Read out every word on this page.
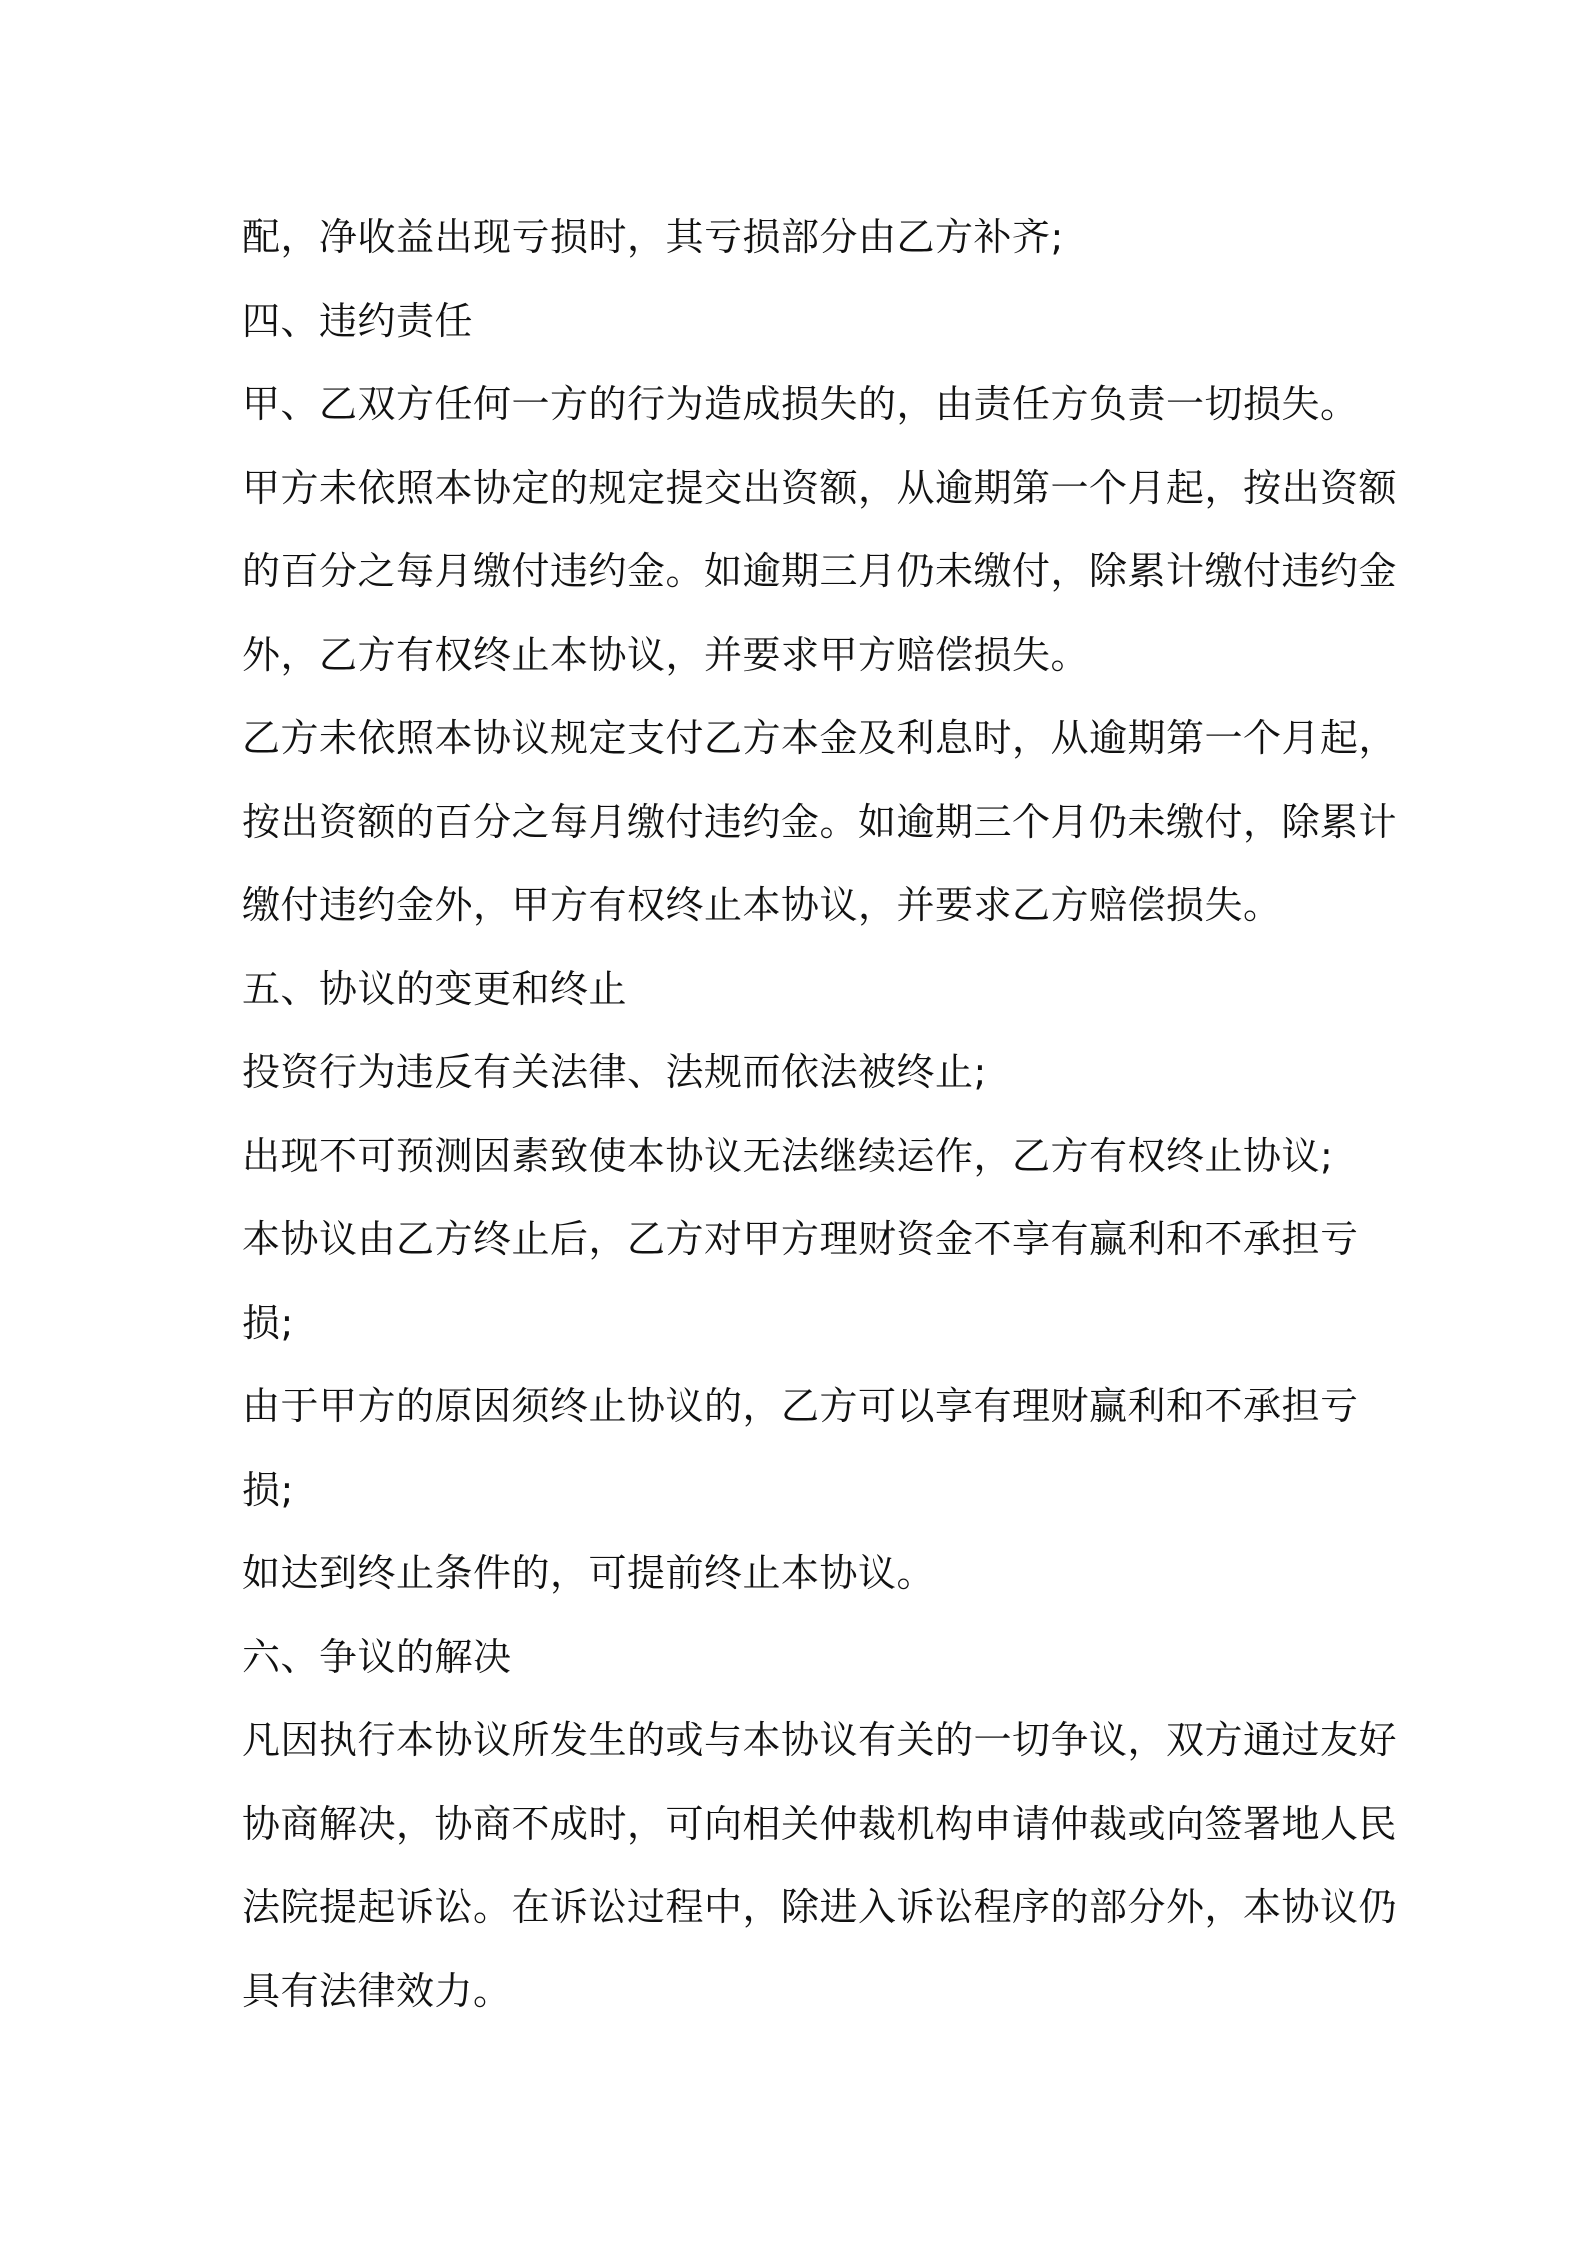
配，净收益出现亏损时，其亏损部分由乙方补齐;
四、违约责任
甲、乙双方任何一方的行为造成损失的，由责任方负责一切损失。
甲方未依照本协定的规定提交出资额，从逾期第一个月起，按出资额
的百分之每月缴付违约金。如逾期三月仍未缴付，除累计缴付违约金
外，乙方有权终止本协议，并要求甲方赔偿损失。
乙方未依照本协议规定支付乙方本金及利息时，从逾期第一个月起，
按出资额的百分之每月缴付违约金。如逾期三个月仍未缴付，除累计
缴付违约金外，甲方有权终止本协议，并要求乙方赔偿损失。
五、协议的变更和终止
投资行为违反有关法律、法规而依法被终止;
出现不可预测因素致使本协议无法继续运作，乙方有权终止协议;
本协议由乙方终止后，乙方对甲方理财资金不享有赢利和不承担亏
损;
由于甲方的原因须终止协议的，乙方可以享有理财赢利和不承担亏
损;
如达到终止条件的，可提前终止本协议。
六、争议的解决
凡因执行本协议所发生的或与本协议有关的一切争议，双方通过友好
协商解决，协商不成时，可向相关仲裁机构申请仲裁或向签署地人民
法院提起诉讼。在诉讼过程中，除进入诉讼程序的部分外，本协议仍
具有法律效力。
